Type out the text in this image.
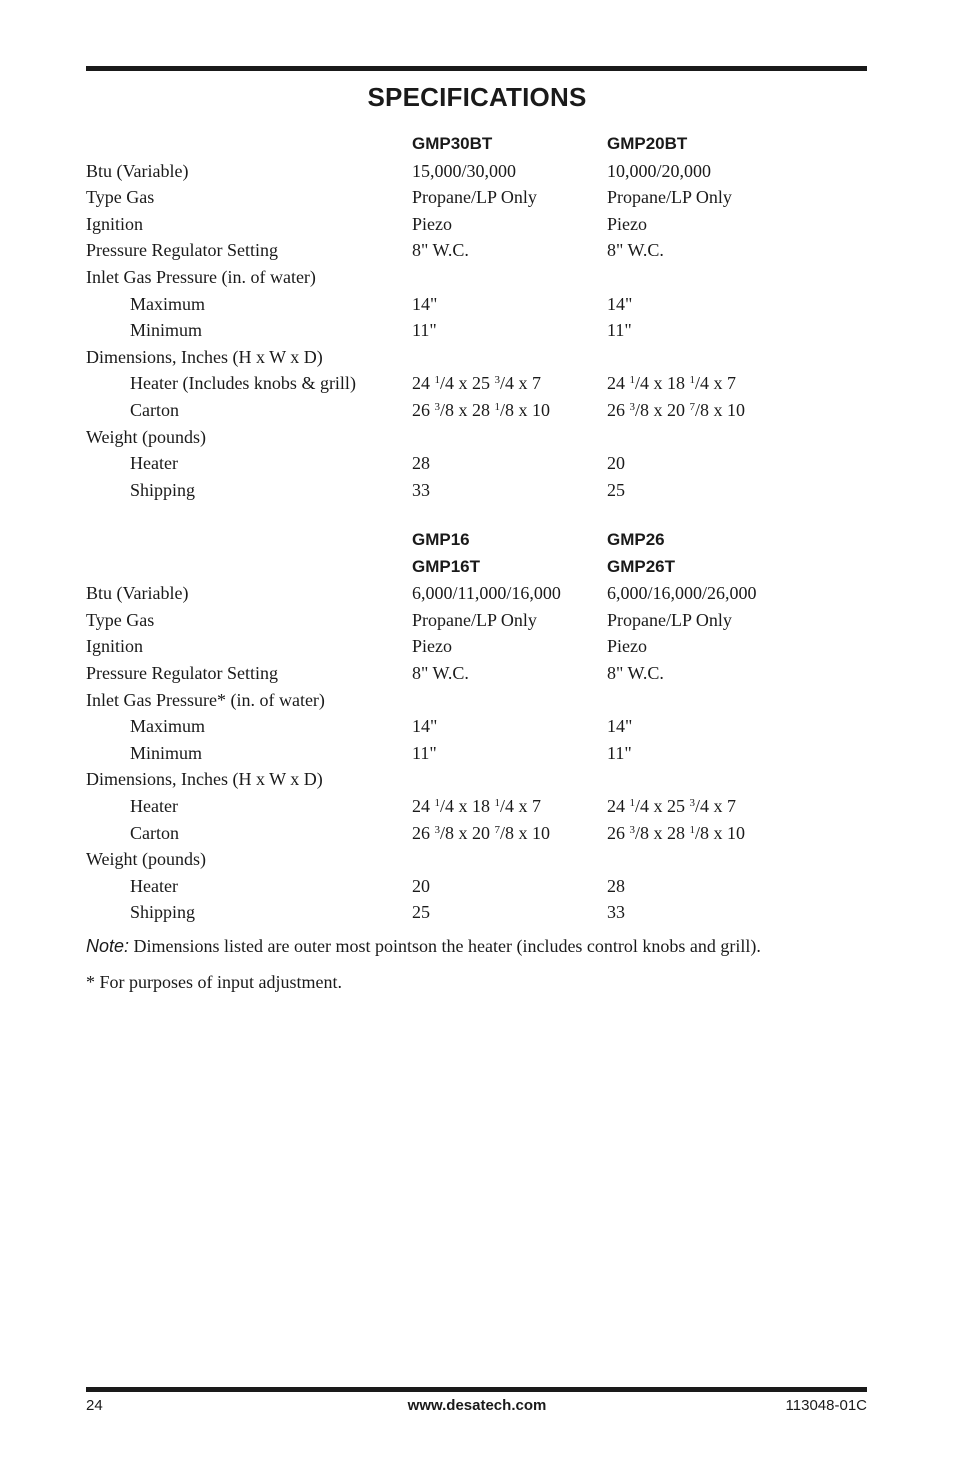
SPECIFICATIONS
GMP30BT	GMP20BT
Btu (Variable)	15,000/30,000	10,000/20,000
Type Gas	Propane/LP Only	Propane/LP Only
Ignition	Piezo	Piezo
Pressure Regulator Setting	8" W.C.	8" W.C.
Inlet Gas Pressure (in. of water)
Maximum	14"	14"
Minimum	11"	11"
Dimensions, Inches (H x W x D)
Heater (Includes knobs & grill)	24 $^1$/4 x 25 $^3$/4 x 7	24 $^1$/4 x 18 $^1$/4 x 7
Carton	26 $^3$/8 x 28 $^1$/8 x 10	26 $^3$/8 x 20 $^7$/8 x 10
Weight (pounds)
Heater	28	20
Shipping	33	25
GMP16	GMP26
GMP16T	GMP26T
Btu (Variable)	6,000/11,000/16,000	6,000/16,000/26,000
Type Gas	Propane/LP Only	Propane/LP Only
Ignition	Piezo	Piezo
Pressure Regulator Setting	8" W.C.	8" W.C.
Inlet Gas Pressure* (in. of water)
Maximum	14"	14"
Minimum	11"	11"
Dimensions, Inches (H x W x D)
Heater	24 $^1$/4 x 18 $^1$/4 x 7	24 $^1$/4 x 25 $^3$/4 x 7
Carton	26 $^3$/8 x 20 $^7$/8 x 10	26 $^3$/8 x 28 $^1$/8 x 10
Weight (pounds)
Heater	20	28
Shipping	25	33
Note: Dimensions listed are outer most pointson the heater (includes control knobs and grill).
* For purposes of input adjustment.
24	www.desatech.com	113048-01C
